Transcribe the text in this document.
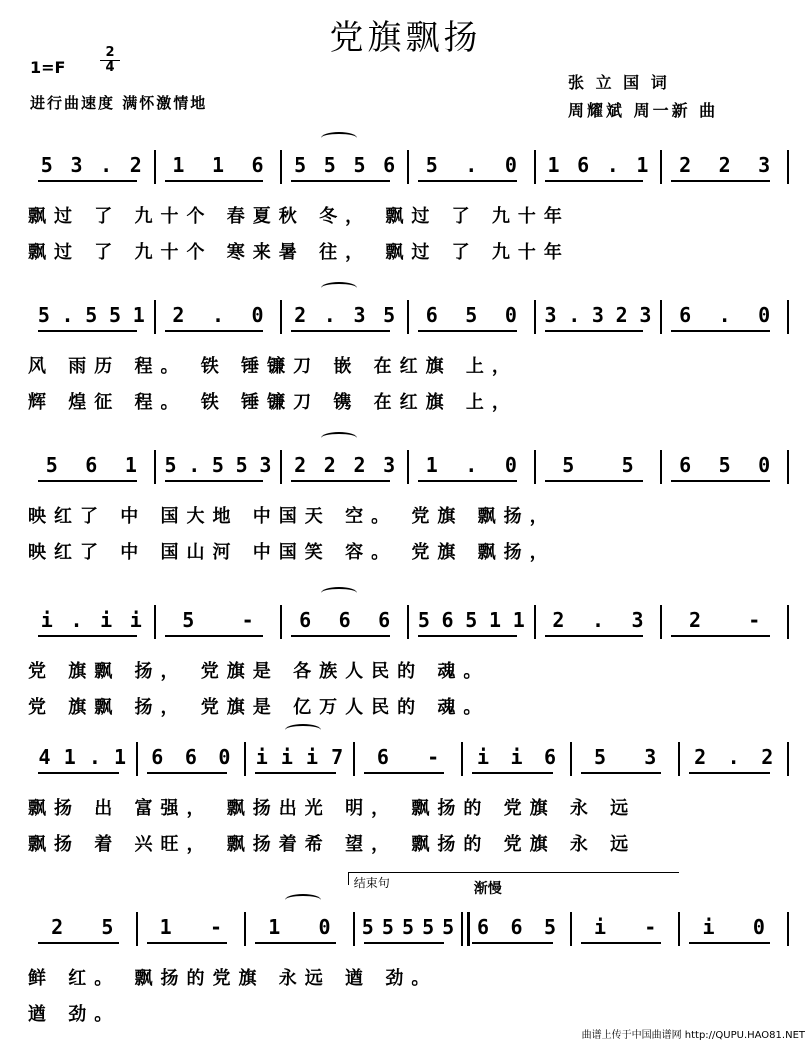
党旗飘扬
1=F
2
4
进行曲速度 满怀激情地
张 立 国 词
周耀斌 周一新 曲
5 3 . 2 1 1 6 5 5 5 6 5 . 0 1 6 . 1 2 2 3
飘过 了 九十个 春夏秋 冬， 飘过 了 九十年
飘过 了 九十个 寒来暑 往， 飘过 了 九十年
5 . 5 5 1 2 . 0 2 . 3 5 6 5 0 3 . 3 2 3 6 . 0
风 雨历 程。 铁 锤镰刀 嵌 在红旗 上，
辉 煌征 程。 铁 锤镰刀 镌 在红旗 上，
5 6 1 5 . 5 5 3 2 2 2 3 1 . 0 5 5 6 5 0
映红了 中 国大地 中国天 空。 党旗 飘扬，
映红了 中 国山河 中国笑 容。 党旗 飘扬，
i . i i 5 - 6 6 6 5 6 5 1 1 2 . 3 2 -
党 旗飘 扬， 党旗是 各族人民的 魂。
党 旗飘 扬， 党旗是 亿万人民的 魂。
4 1 . 1 6 6 0 i i i 7 6 - i i 6 5 3 2 . 2
飘扬 出 富强， 飘扬出光 明， 飘扬的 党旗 永 远
飘扬 着 兴旺， 飘扬着希 望， 飘扬的 党旗 永 远
2 5 1 - 1 0 5 5 5 5 5 6 6 5 i - i 0
鲜 红。 飘扬的党旗 永远 遒 劲。
遒 劲。
结束句	渐慢
曲谱上传于中国曲谱网 http://QUPU.HAO81.NET
